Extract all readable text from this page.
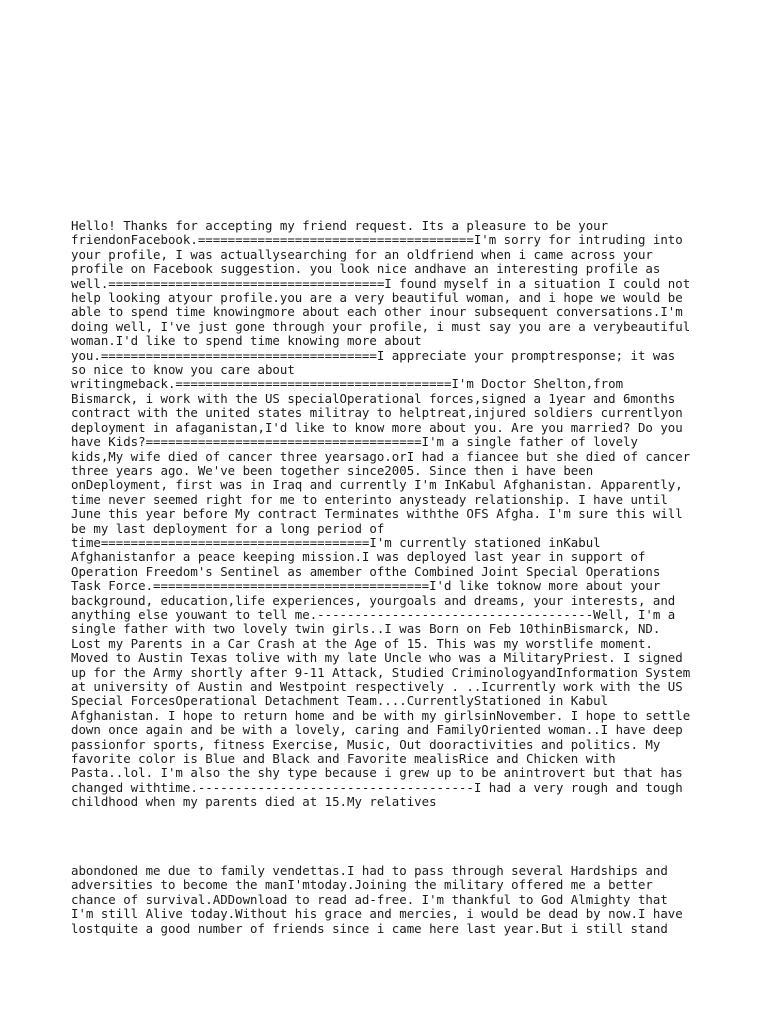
Hello! Thanks for accepting my friend request. Its a pleasure to be your
friendonFacebook.=====================================I'm sorry for intruding into
your profile, I was actuallysearching for an oldfriend when i came across your
profile on Facebook suggestion. you look nice andhave an interesting profile as
well.=====================================I found myself in a situation I could not
help looking atyour profile.you are a very beautiful woman, and i hope we would be
able to spend time knowingmore about each other inour subsequent conversations.I'm
doing well, I've just gone through your profile, i must say you are a verybeautiful
woman.I'd like to spend time knowing more about
you.=====================================I appreciate your promptresponse; it was
so nice to know you care about
writingmeback.=====================================I'm Doctor Shelton,from
Bismarck, i work with the US specialOperational forces,signed a 1year and 6months
contract with the united states militray to helptreat,injured soldiers currentlyon
deployment in afaganistan,I'd like to know more about you. Are you married? Do you
have Kids?=====================================I'm a single father of lovely
kids,My wife died of cancer three yearsago.orI had a fiancee but she died of cancer
three years ago. We've been together since2005. Since then i have been
onDeployment, first was in Iraq and currently I'm InKabul Afghanistan. Apparently,
time never seemed right for me to enterinto anysteady relationship. I have until
June this year before My contract Terminates withthe OFS Afgha. I'm sure this will
be my last deployment for a long period of
time====================================I'm currently stationed inKabul
Afghanistanfor a peace keeping mission.I was deployed last year in support of
Operation Freedom's Sentinel as amember ofthe Combined Joint Special Operations
Task Force.=====================================I'd like toknow more about your
background, education,life experiences, yourgoals and dreams, your interests, and
anything else youwant to tell me.-------------------------------------Well, I'm a
single father with two lovely twin girls..I was Born on Feb 10thinBismarck, ND.
Lost my Parents in a Car Crash at the Age of 15. This was my worstlife moment.
Moved to Austin Texas tolive with my late Uncle who was a MilitaryPriest. I signed
up for the Army shortly after 9-11 Attack, Studied CriminologyandInformation System
at university of Austin and Westpoint respectively . ..Icurrently work with the US
Special ForcesOperational Detachment Team....CurrentlyStationed in Kabul
Afghanistan. I hope to return home and be with my girlsinNovember. I hope to settle
down once again and be with a lovely, caring and FamilyOriented woman..I have deep
passionfor sports, fitness Exercise, Music, Out dooractivities and politics. My
favorite color is Blue and Black and Favorite mealisRice and Chicken with
Pasta..lol. I'm also the shy type because i grew up to be anintrovert but that has
changed withtime.-------------------------------------I had a very rough and tough
childhood when my parents died at 15.My relatives
abondoned me due to family vendettas.I had to pass through several Hardships and
adversities to become the manI'mtoday.Joining the military offered me a better
chance of survival.ADDownload to read ad-free. I'm thankful to God Almighty that
I'm still Alive today.Without his grace and mercies, i would be dead by now.I have
lostquite a good number of friends since i came here last year.But i still stand
